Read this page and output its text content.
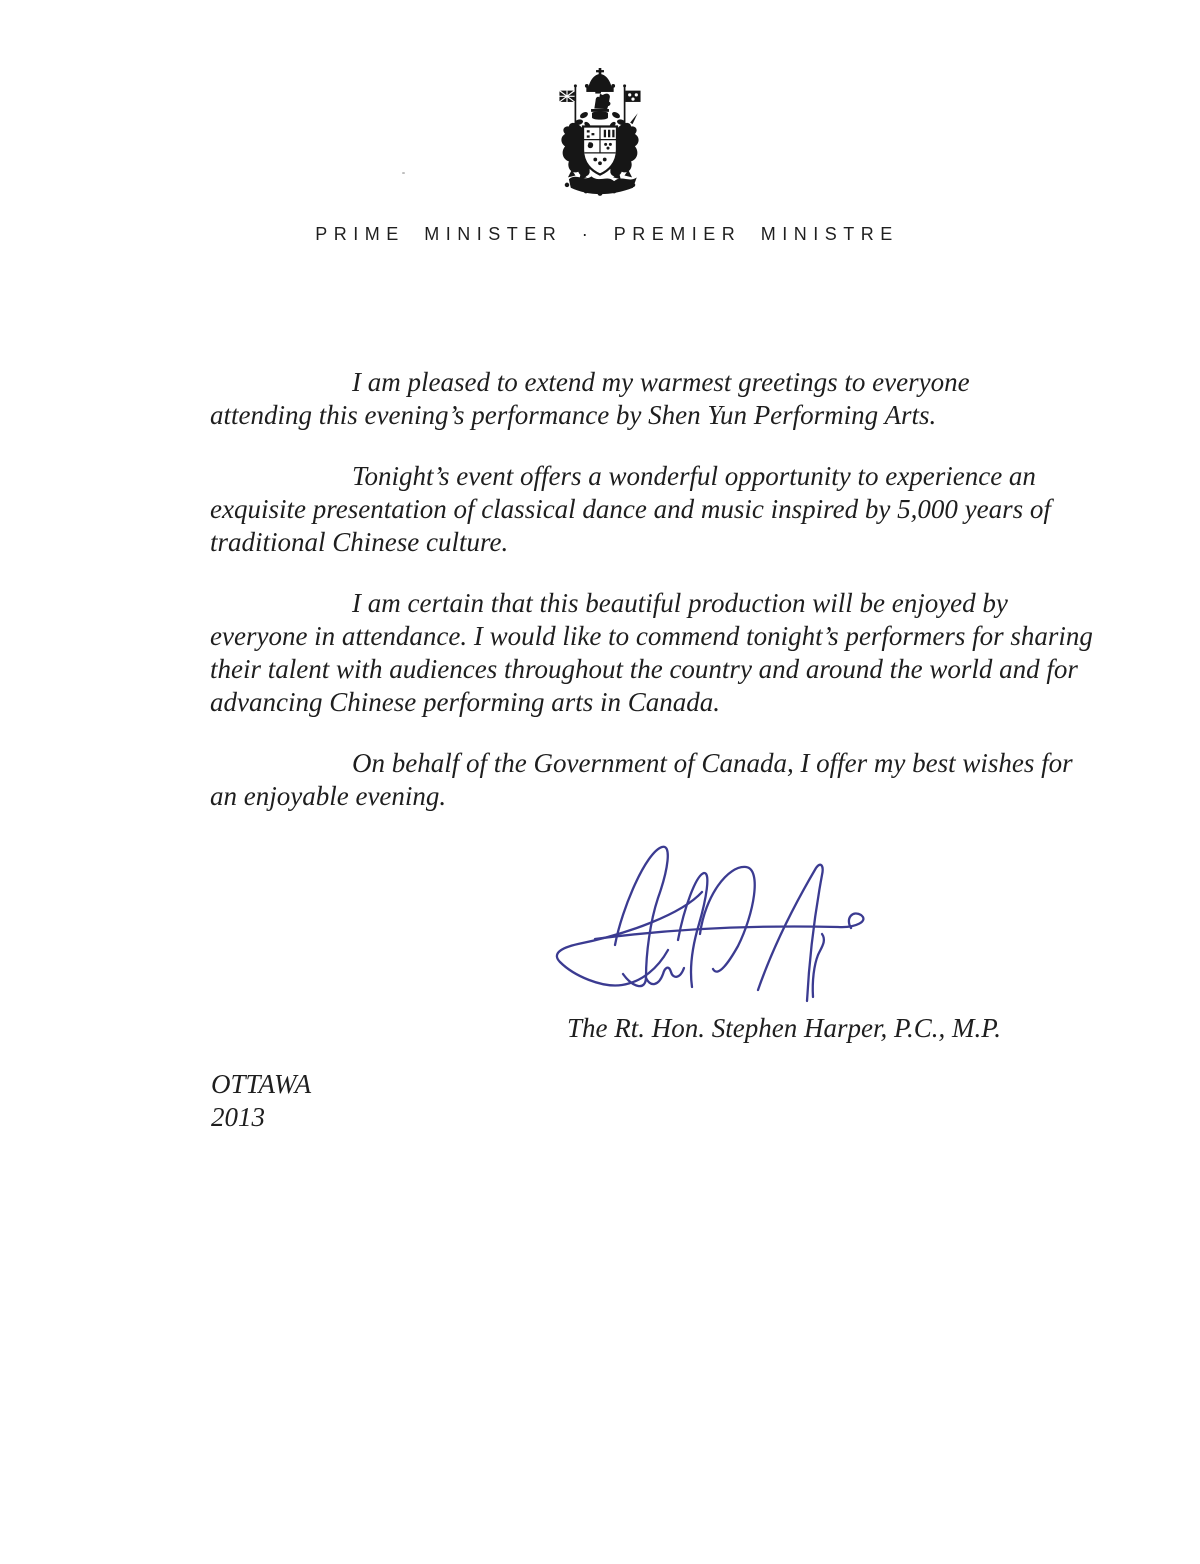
PRIME MINISTER · PREMIER MINISTRE
I am pleased to extend my warmest greetings to everyone
attending this evening’s performance by Shen Yun Performing Arts.
Tonight’s event offers a wonderful opportunity to experience an
exquisite presentation of classical dance and music inspired by 5,000 years of
traditional Chinese culture.
I am certain that this beautiful production will be enjoyed by
everyone in attendance. I would like to commend tonight’s performers for sharing
their talent with audiences throughout the country and around the world and for
advancing Chinese performing arts in Canada.
On behalf of the Government of Canada, I offer my best wishes for
an enjoyable evening.
The Rt. Hon. Stephen Harper, P.C., M.P.
OTTAWA
2013
